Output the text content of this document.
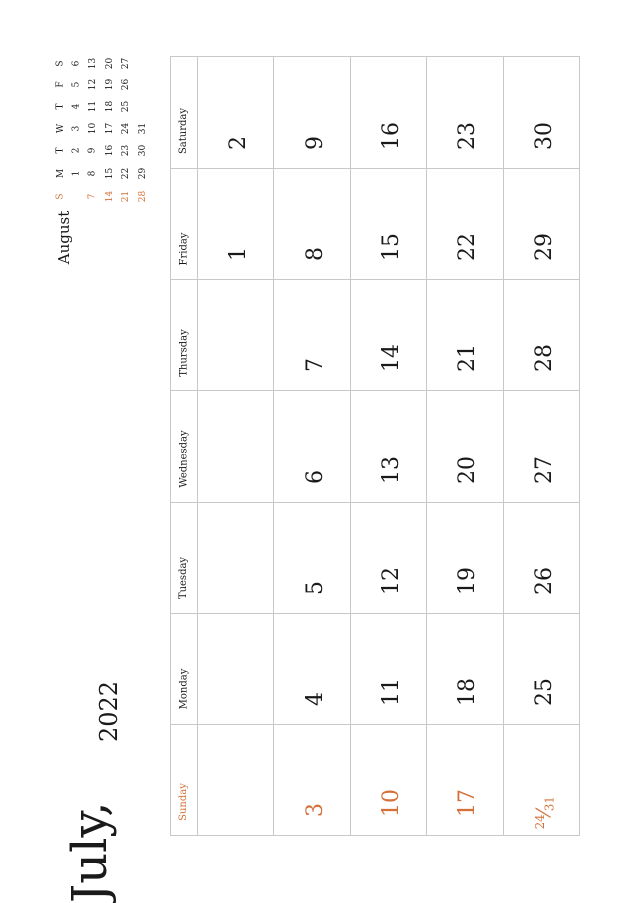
July,
2022
August
S
M
T
W
T
F
S
1
2
3
4
5
6
7
8
9
10
11
12
13
14
15
16
17
18
19
20
21
22
23
24
25
26
27
28
29
30
31
Sunday
Monday
Tuesday
Wednesday
Thursday
Friday
Saturday
1
2
3
4
5
6
7
8
9
10
11
12
13
14
15
16
17
18
19
20
21
22
23
$^{24}⁄_{31}$
25
26
27
28
29
30
